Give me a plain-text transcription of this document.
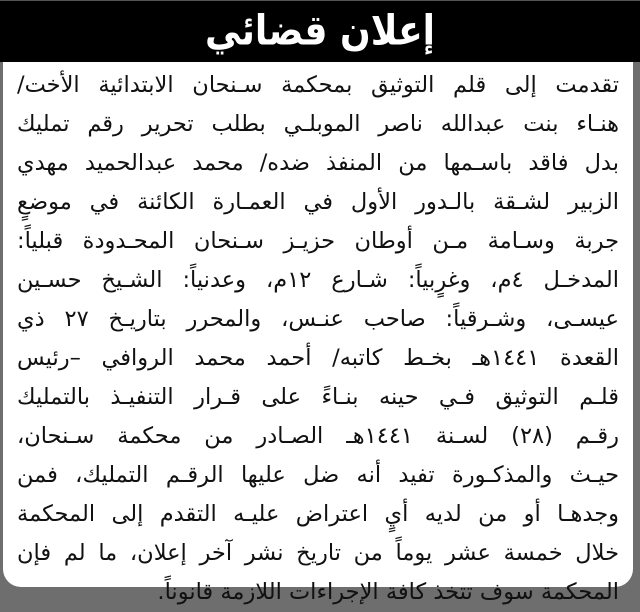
إعلان قضائي
تقدمت إلى قلم التوثيق بمحكمة سـنحان الابتدائية الأخت/
هنـاء بنت عبدالله ناصر الموبلـي بطلب تحرير رقم تمليك
بدل فاقد باسـمها من المنفذ ضده/ محمد عبدالحميد مهدي
الزبير لشـقة بالـدور الأول في العمـارة الكائنة في موضعٍ
جربة وسـامة مـن أوطان حزيـز سـنحان المحـدودة قبلياً:
المدخـل ٤م، وغرٍبياً: شـارع ١٢م، وعدنياً: الشـيخ حسـين
عيسـى، وشـرقياً: صاحب عنـس، والمحرر بتاريـخ ٢٧ ذي
القعدة ١٤٤١هـ بخـط كاتبه/ أحمد محمد الروافي –رئيس
قلـم التوثيق فـي حينه بنـاءً على قـرار التنفيـذ بالتمليك
رقـم (٢٨) لسـنة ١٤٤١هـ الصـادر من محكمة سـنحان،
حيـث والمذكـورة تفيد أنه ضل عليها الرقـم التمليك، فمن
وجدهـا أو من لديه أيٍ اعتراض عليـه التقدم إلى المحكمة
خلال خمسة عشر يوماً من تاريخ نشر آخر إعلان، ما لم فإن
المحكمة سوف تتخذ كافة الإجراءات اللازمة قانوناً.
